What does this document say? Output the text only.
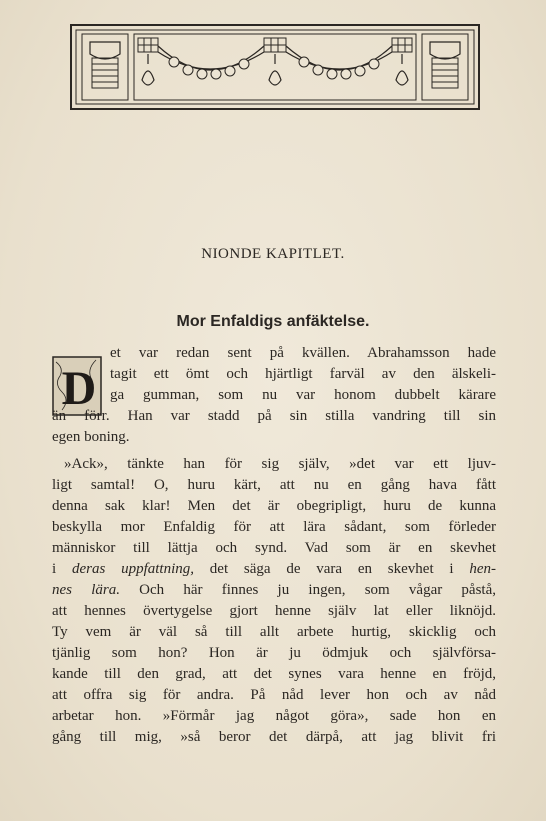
NIONDE KAPITLET.
Mor Enfaldigs anfäktelse.
D
et var redan sent på kvällen. Abrahamsson hade
tagit ett ömt och hjärtligt farväl av den älskeli-
ga gumman, som nu var honom dubbelt kärare
än förr. Han var stadd på sin stilla vandring till sin
egen boning.
»Ack», tänkte han för sig själv, »det var ett ljuv-
ligt samtal! O, huru kärt, att nu en gång hava fått
denna sak klar! Men det är obegripligt, huru de kunna
beskylla mor Enfaldig för att lära sådant, som förleder
människor till lättja och synd. Vad som är en skevhet
i deras uppfattning, det säga de vara en skevhet i hen-
nes lära. Och här finnes ju ingen, som vågar påstå,
att hennes övertygelse gjort henne själv lat eller liknöjd.
Ty vem är väl så till allt arbete hurtig, skicklig och
tjänlig som hon? Hon är ju ödmjuk och självförsa-
kande till den grad, att det synes vara henne en fröjd,
att offra sig för andra. På nåd lever hon och av nåd
arbetar hon. »Förmår jag något göra», sade hon en
gång till mig, »så beror det därpå, att jag blivit fri
